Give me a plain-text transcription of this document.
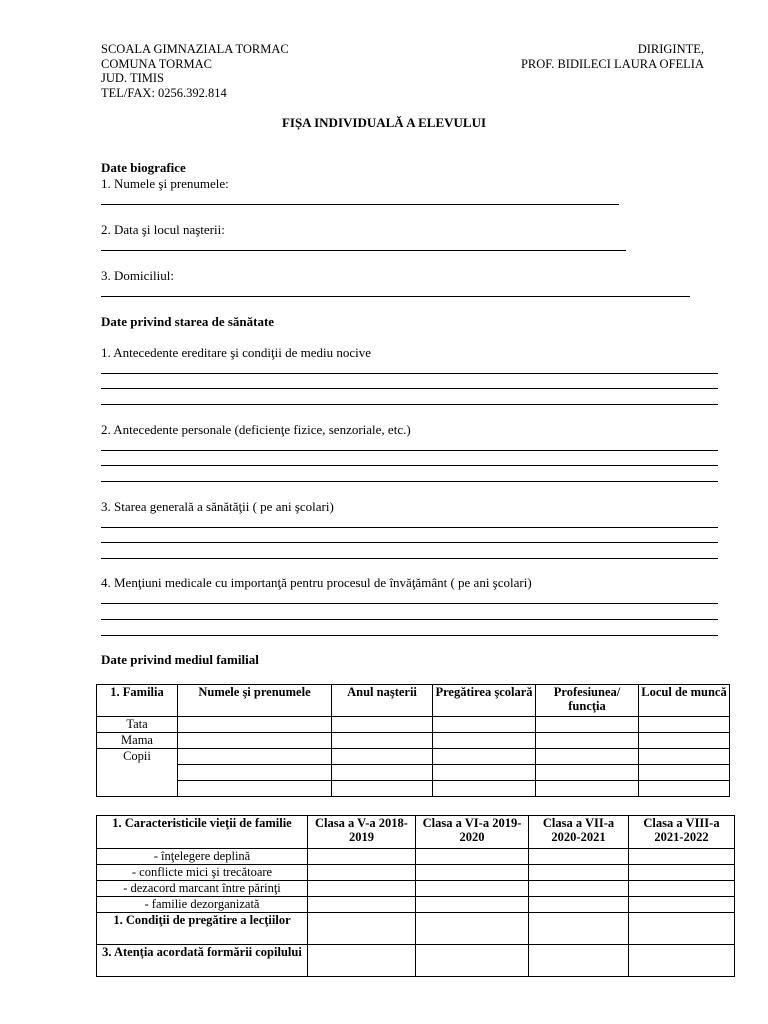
SCOALA GIMNAZIALA TORMAC
COMUNA TORMAC
JUD. TIMIS
TEL/FAX: 0256.392.814
DIRIGINTE,
PROF. BIDILECI LAURA OFELIA
FIȘA INDIVIDUALĂ A ELEVULUI
Date biografice
1. Numele şi prenumele:
2. Data şi locul naşterii:
3. Domiciliul:
Date privind starea de sănătate
1. Antecedente ereditare şi condiţii de mediu nocive
2. Antecedente personale (deficienţe fizice, senzoriale, etc.)
3. Starea generală a sănătăţii ( pe ani şcolari)
4. Menţiuni medicale cu importanţă pentru procesul de învăţământ ( pe ani şcolari)
Date privind mediul familial
1. Familia	Numele şi prenumele	Anul naşterii	Pregătirea şcolară	Profesiunea/ funcţia	Locul de muncă
Tata					
Mama					
Copii					

1. Caracteristicile vieţii de familie	Clasa a V-a 2018-2019	Clasa a VI-a 2019-2020	Clasa a VII-a 2020-2021	Clasa a VIII-a 2021-2022
- înţelegere deplină				
- conflicte mici şi trecătoare				
- dezacord marcant între părinţi				
- familie dezorganizată				
1. Condiţii de pregătire a lecţiilor				
3. Atenţia acordată formării copilului				
